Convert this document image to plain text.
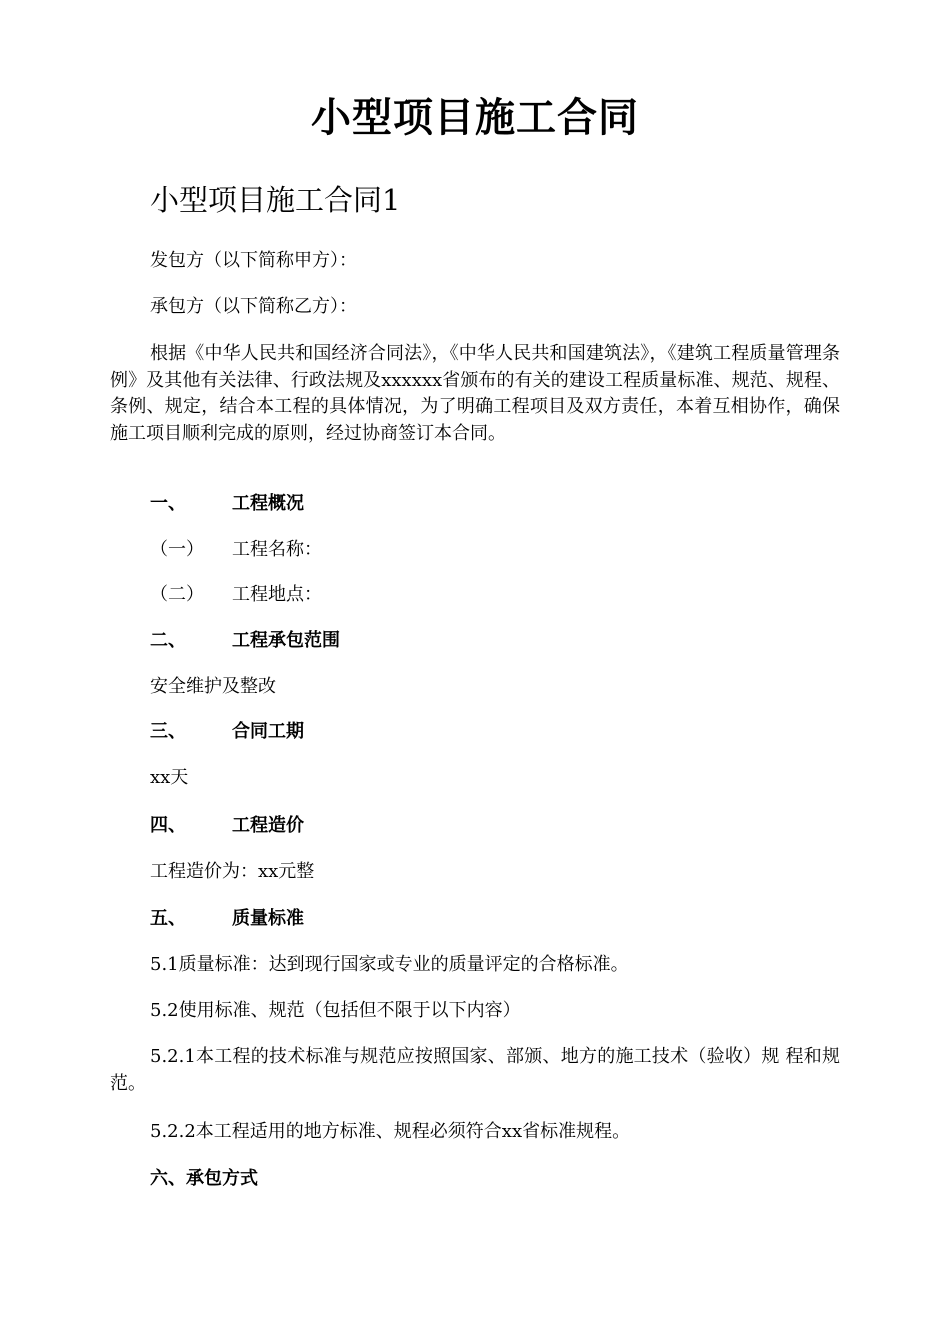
小型项目施工合同
小型项目施工合同1
发包方（以下简称甲方）：
承包方（以下简称乙方）：
根据《中华人民共和国经济合同法》，《中华人民共和国建筑法》，《建筑工程质量管理条例》及其他有关法律、行政法规及xxxxxx省颁布的有关的建设工程质量标准、规范、规程、条例、规定，结合本工程的具体情况，为了明确工程项目及双方责任，本着互相协作，确保施工项目顺利完成的原则，经过协商签订本合同。
一、	工程概况
（一） 工程名称：
（二） 工程地点：
二、	工程承包范围
安全维护及整改
三、	合同工期
xx天
四、	工程造价
工程造价为：xx元整
五、	质量标准
5.1质量标准：达到现行国家或专业的质量评定的合格标准。
5.2使用标准、规范（包括但不限于以下内容）
5.2.1本工程的技术标准与规范应按照国家、部颁、地方的施工技术（验收）规 程和规范。
5.2.2本工程适用的地方标准、规程必须符合xx省标准规程。
六、承包方式
